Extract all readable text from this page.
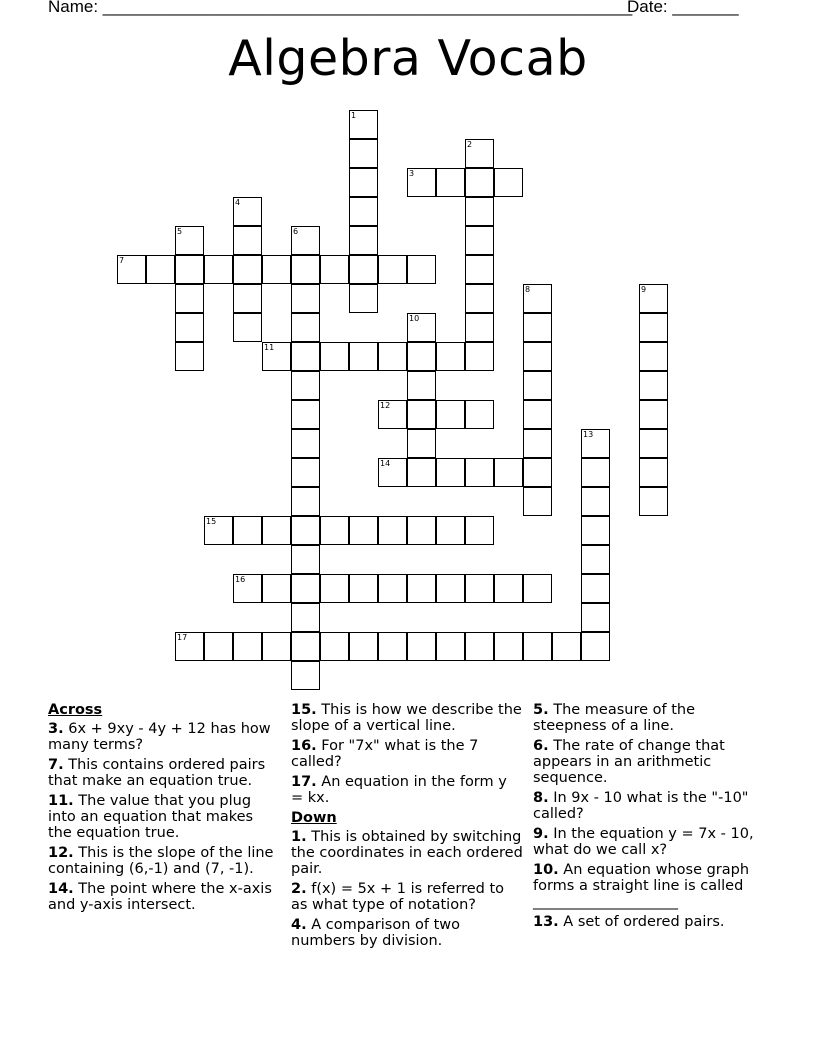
Name: ________________________________________________________
Date: _______
Algebra Vocab
1
2
3
4
5	6
7
8	9
10
11
12
13
14
15
16
17
Across
3. 6x + 9xy - 4y + 12 has how many terms?
7. This contains ordered pairs that make an equation true.
11. The value that you plug into an equation that makes the equation true.
12. This is the slope of the line containing (6,-1) and (7, -1).
14. The point where the x-axis and y-axis intersect.
15. This is how we describe the slope of a vertical line.
16. For "7x" what is the 7 called?
17. An equation in the form y = kx.
Down
1. This is obtained by switching the coordinates in each ordered pair.
2. f(x) = 5x + 1 is referred to as what type of notation?
4. A comparison of two numbers by division.
5. The measure of the steepness of a line.
6. The rate of change that appears in an arithmetic sequence.
8. In 9x - 10 what is the "-10" called?
9. In the equation y = 7x - 10, what do we call x?
10. An equation whose graph forms a straight line is called ____________________
13. A set of ordered pairs.
